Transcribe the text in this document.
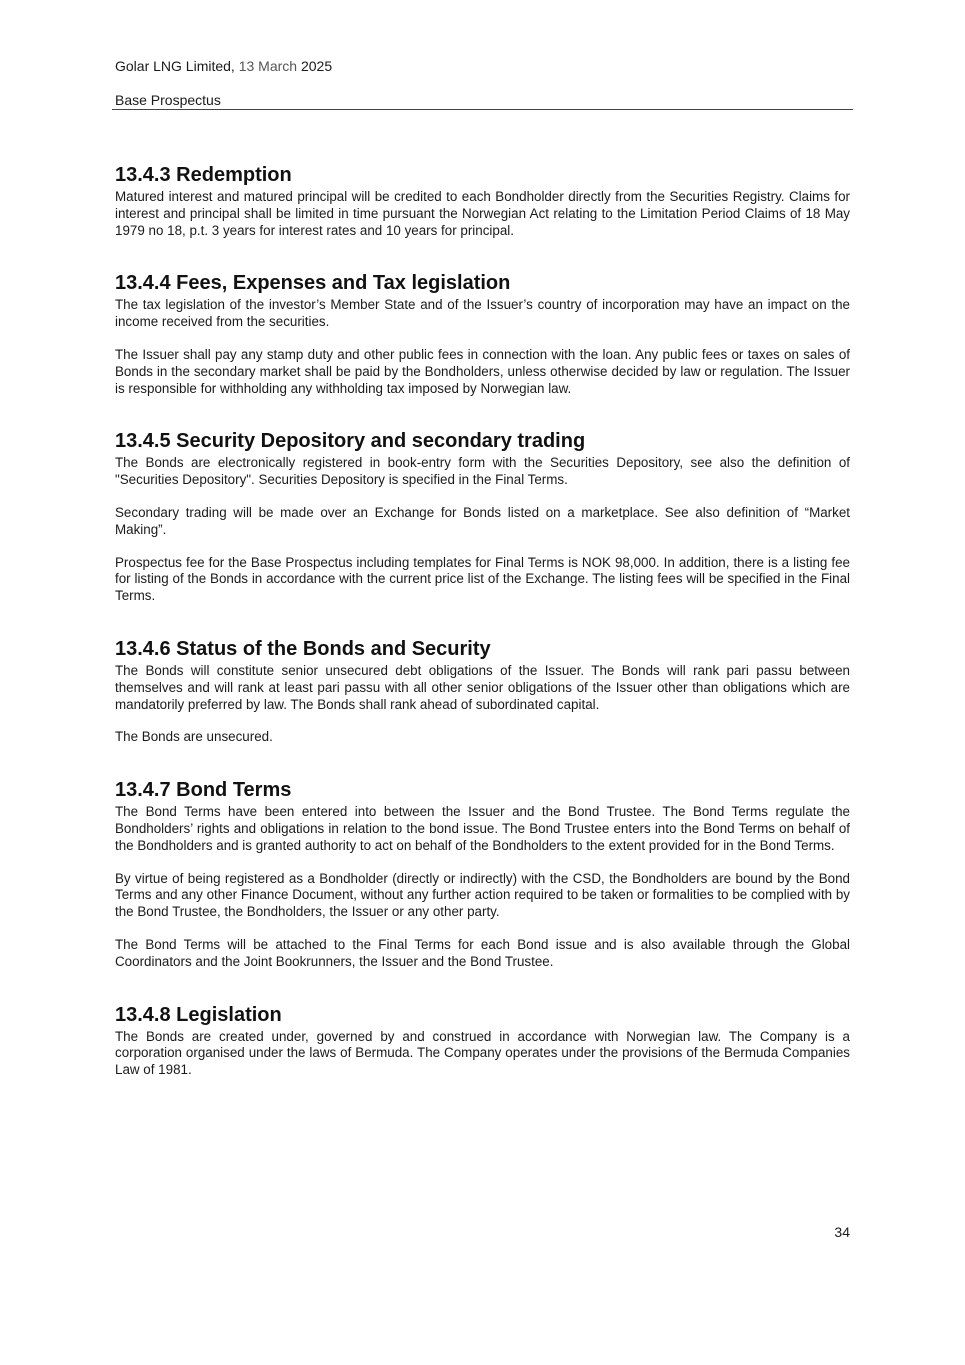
Golar LNG Limited, 13 March 2025
Base Prospectus
13.4.3 Redemption

Matured interest and matured principal will be credited to each Bondholder directly from the Securities Registry. Claims for interest and principal shall be limited in time pursuant the Norwegian Act relating to the Limitation Period Claims of 18 May 1979 no 18, p.t. 3 years for interest rates and 10 years for principal.

13.4.4 Fees, Expenses and Tax legislation

The tax legislation of the investor’s Member State and of the Issuer’s country of incorporation may have an impact on the income received from the securities.

The Issuer shall pay any stamp duty and other public fees in connection with the loan. Any public fees or taxes on sales of Bonds in the secondary market shall be paid by the Bondholders, unless otherwise decided by law or regulation. The Issuer is responsible for withholding any withholding tax imposed by Norwegian law.

13.4.5 Security Depository and secondary trading

The Bonds are electronically registered in book-entry form with the Securities Depository, see also the definition of "Securities Depository". Securities Depository is specified in the Final Terms.

Secondary trading will be made over an Exchange for Bonds listed on a marketplace. See also definition of “Market Making”.

Prospectus fee for the Base Prospectus including templates for Final Terms is NOK 98,000. In addition, there is a listing fee for listing of the Bonds in accordance with the current price list of the Exchange. The listing fees will be specified in the Final Terms.

13.4.6 Status of the Bonds and Security

The Bonds will constitute senior unsecured debt obligations of the Issuer. The Bonds will rank pari passu between themselves and will rank at least pari passu with all other senior obligations of the Issuer other than obligations which are mandatorily preferred by law. The Bonds shall rank ahead of subordinated capital.

The Bonds are unsecured.

13.4.7 Bond Terms

The Bond Terms have been entered into between the Issuer and the Bond Trustee. The Bond Terms regulate the Bondholders’ rights and obligations in relation to the bond issue. The Bond Trustee enters into the Bond Terms on behalf of the Bondholders and is granted authority to act on behalf of the Bondholders to the extent provided for in the Bond Terms.

By virtue of being registered as a Bondholder (directly or indirectly) with the CSD, the Bondholders are bound by the Bond Terms and any other Finance Document, without any further action required to be taken or formalities to be complied with by the Bond Trustee, the Bondholders, the Issuer or any other party.

The Bond Terms will be attached to the Final Terms for each Bond issue and is also available through the Global Coordinators and the Joint Bookrunners, the Issuer and the Bond Trustee.

13.4.8 Legislation

The Bonds are created under, governed by and construed in accordance with Norwegian law. The Company is a corporation organised under the laws of Bermuda. The Company operates under the provisions of the Bermuda Companies Law of 1981.

34
